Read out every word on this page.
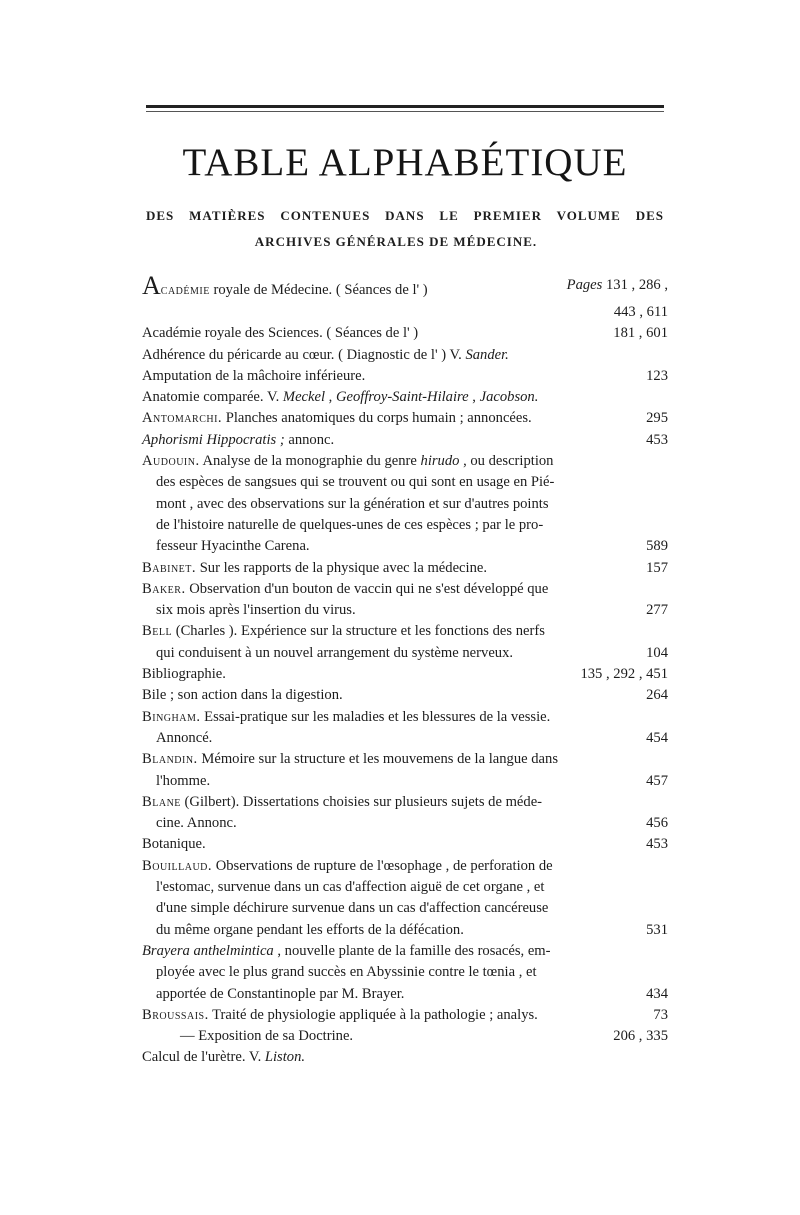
TABLE ALPHABÉTIQUE
DES MATIÈRES CONTENUES DANS LE PREMIER VOLUME DES
ARCHIVES GÉNÉRALES DE MÉDECINE.
Académie royale de Médecine. ( Séances de l' )	Pages 131 , 286 ,
443 , 611
Académie royale des Sciences. ( Séances de l' )	181 , 601
Adhérence du péricarde au cœur. ( Diagnostic de l' ) V. Sander.
Amputation de la mâchoire inférieure.	123
Anatomie comparée. V. Meckel , Geoffroy-Saint-Hilaire , Jacobson.
Antomarchi. Planches anatomiques du corps humain ; annoncées.	295
Aphorismi Hippocratis ; annonc.	453
Audouin. Analyse de la monographie du genre hirudo , ou description
des espèces de sangsues qui se trouvent ou qui sont en usage en Pié-
mont , avec des observations sur la génération et sur d'autres points
de l'histoire naturelle de quelques-unes de ces espèces ; par le pro-
fesseur Hyacinthe Carena.	589
Babinet. Sur les rapports de la physique avec la médecine.	157
Baker. Observation d'un bouton de vaccin qui ne s'est développé que
six mois après l'insertion du virus.	277
Bell (Charles ). Expérience sur la structure et les fonctions des nerfs
qui conduisent à un nouvel arrangement du système nerveux.	104
Bibliographie.	135 , 292 , 451
Bile ; son action dans la digestion.	264
Bingham. Essai-pratique sur les maladies et les blessures de la vessie.
Annoncé.	454
Blandin. Mémoire sur la structure et les mouvemens de la langue dans
l'homme.	457
Blane (Gilbert). Dissertations choisies sur plusieurs sujets de méde-
cine. Annonc.	456
Botanique.	453
Bouillaud. Observations de rupture de l'œsophage , de perforation de
l'estomac, survenue dans un cas d'affection aiguë de cet organe , et
d'une simple déchirure survenue dans un cas d'affection cancéreuse
du même organe pendant les efforts de la défécation.	531
Brayera anthelmintica , nouvelle plante de la famille des rosacés, em-
ployée avec le plus grand succès en Abyssinie contre le tœnia , et
apportée de Constantinople par M. Brayer.	434
Broussais. Traité de physiologie appliquée à la pathologie ; analys.	73
— Exposition de sa Doctrine.	206 , 335
Calcul de l'urètre. V. Liston.
